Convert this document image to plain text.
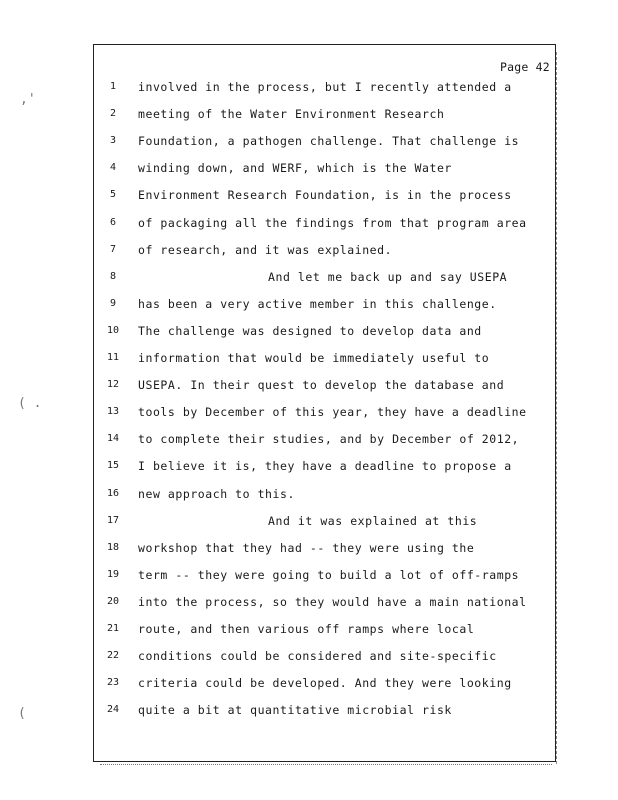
,'
( .
(
Page 42
1	involved in the process, but I recently attended a
2	meeting of the Water Environment Research
3	Foundation, a pathogen challenge. That challenge is
4	winding down, and WERF, which is the Water
5	Environment Research Foundation, is in the process
6	of packaging all the findings from that program area
7	of research, and it was explained.
8	And let me back up and say USEPA
9	has been a very active member in this challenge.
10	The challenge was designed to develop data and
11	information that would be immediately useful to
12	USEPA. In their quest to develop the database and
13	tools by December of this year, they have a deadline
14	to complete their studies, and by December of 2012,
15	I believe it is, they have a deadline to propose a
16	new approach to this.
17	And it was explained at this
18	workshop that they had -- they were using the
19	term -- they were going to build a lot of off-ramps
20	into the process, so they would have a main national
21	route, and then various off ramps where local
22	conditions could be considered and site-specific
23	criteria could be developed. And they were looking
24	quite a bit at quantitative microbial risk
